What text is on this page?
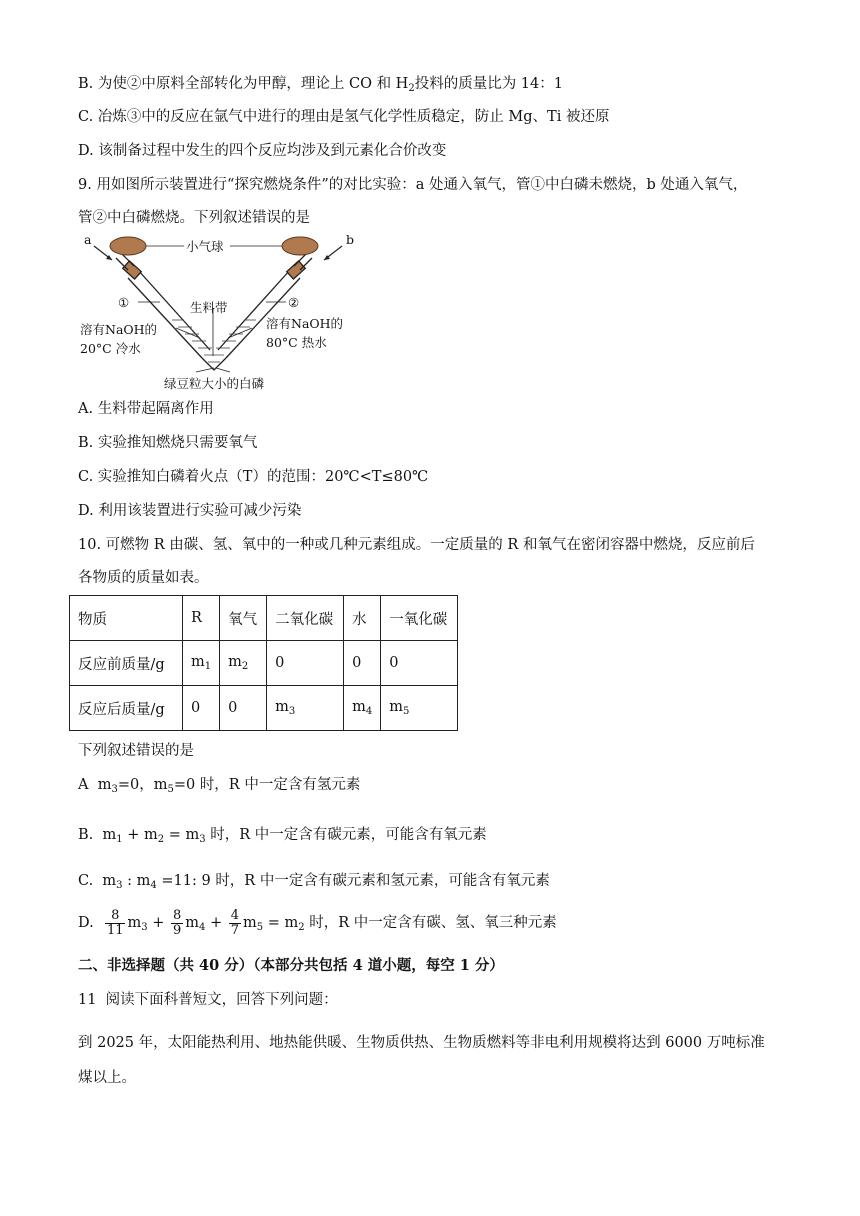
B. 为使②中原料全部转化为甲醇，理论上 CO 和 $H_2$投料的质量比为 14：1
C. 冶炼③中的反应在氩气中进行的理由是氢气化学性质稳定，防止 Mg、Ti 被还原
D. 该制备过程中发生的四个反应均涉及到元素化合价改变
9. 用如图所示装置进行“探究燃烧条件”的对比实验：a 处通入氧气，管①中白磷未燃烧，b 处通入氧气，
管②中白磷燃烧。下列叙述错误的是
a	b
小气球
①	②
生料带
溶有NaOH的
20°C 冷水
溶有NaOH的
80°C 热水
绿豆粒大小的白磷
A. 生料带起隔离作用
B. 实验推知燃烧只需要氧气
C. 实验推知白磷着火点（T）的范围：20℃<T≤80℃
D. 利用该装置进行实验可减少污染
10. 可燃物 R 由碳、氢、氧中的一种或几种元素组成。一定质量的 R 和氧气在密闭容器中燃烧，反应前后
各物质的质量如表。
物质	R	氧气	二氧化碳	水	一氧化碳
反应前质量/g	$m_1$	$m_2$	0	0	0
反应后质量/g	0	0	$m_3$	$m_4$	$m_5$
下列叙述错误的是
A  $m_3=0$，$m_5=0$ 时，R 中一定含有氢元素
B.  $m_1 + m_2 = m_3$ 时，R 中一定含有碳元素，可能含有氧元素
C.  $m_3$ : $m_4 =11$: 9 时，R 中一定含有碳元素和氢元素，可能含有氧元素
D. $\frac{8}{11} m_3 + \frac{8}{9} m_4 + \frac{4}{7} m_5 = m_2$ 时，R 中一定含有碳、氢、氧三种元素
二、非选择题（共 40 分）（本部分共包括 4 道小题，每空 1 分）
11  阅读下面科普短文，回答下列问题：
到 2025 年，太阳能热利用、地热能供暖、生物质供热、生物质燃料等非电利用规模将达到 6000 万吨标准
煤以上。
